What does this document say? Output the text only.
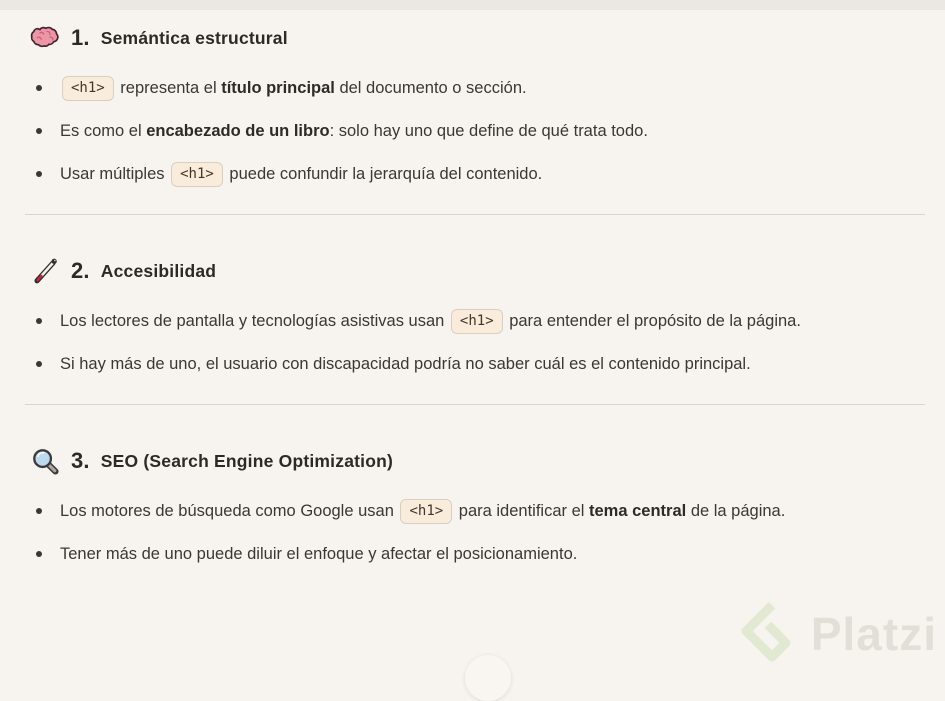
1. Semántica estructural
<h1> representa el título principal del documento o sección.
Es como el encabezado de un libro: solo hay uno que define de qué trata todo.
Usar múltiples <h1> puede confundir la jerarquía del contenido.
2. Accesibilidad
Los lectores de pantalla y tecnologías asistivas usan <h1> para entender el propósito de la página.
Si hay más de uno, el usuario con discapacidad podría no saber cuál es el contenido principal.
3. SEO (Search Engine Optimization)
Los motores de búsqueda como Google usan <h1> para identificar el tema central de la página.
Tener más de uno puede diluir el enfoque y afectar el posicionamiento.
Platzi
